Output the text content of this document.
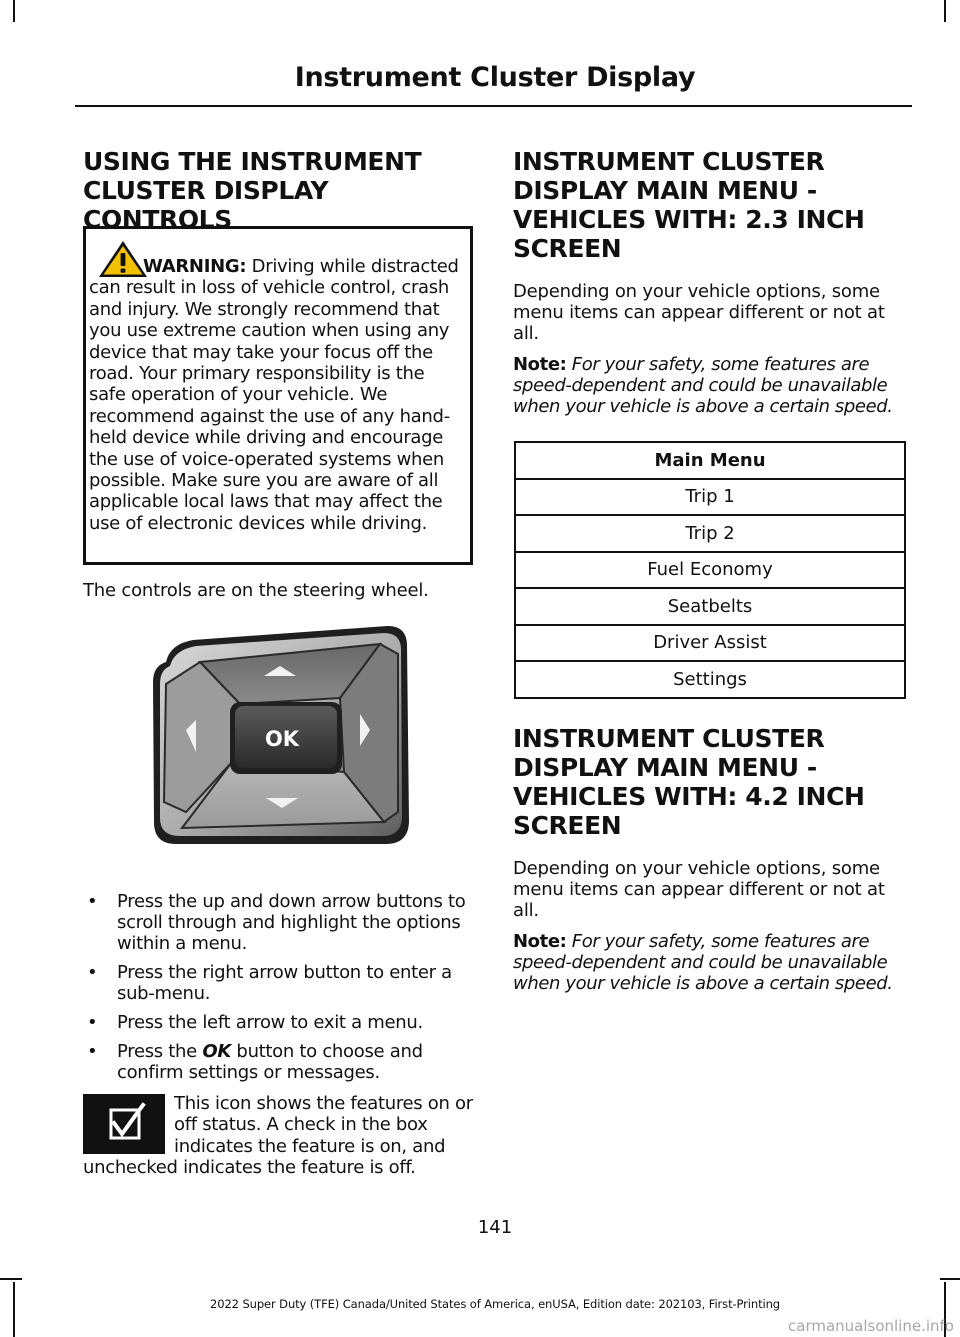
Instrument Cluster Display
USING THE INSTRUMENT
CLUSTER DISPLAY CONTROLS

WARNING: Driving while distracted can result in loss of vehicle control, crash and injury. We strongly recommend that you use extreme caution when using any device that may take your focus off the road. Your primary responsibility is the safe operation of your vehicle. We recommend against the use of any hand-held device while driving and encourage the use of voice-operated systems when possible. Make sure you are aware of all applicable local laws that may affect the use of electronic devices while driving.

The controls are on the steering wheel.

OK
• Press the up and down arrow buttons to scroll through and highlight the options within a menu.
• Press the right arrow button to enter a sub-menu.
• Press the left arrow to exit a menu.
• Press the OK button to choose and confirm settings or messages.

This icon shows the features on or off status. A check in the box indicates the feature is on, and unchecked indicates the feature is off.

INSTRUMENT CLUSTER
DISPLAY MAIN MENU -
VEHICLES WITH: 2.3 INCH
SCREEN

Depending on your vehicle options, some menu items can appear different or not at all.

Note: For your safety, some features are speed-dependent and could be unavailable when your vehicle is above a certain speed.

Main Menu
Trip 1
Trip 2
Fuel Economy
Seatbelts
Driver Assist
Settings
INSTRUMENT CLUSTER
DISPLAY MAIN MENU -
VEHICLES WITH: 4.2 INCH
SCREEN

Depending on your vehicle options, some menu items can appear different or not at all.

Note: For your safety, some features are speed-dependent and could be unavailable when your vehicle is above a certain speed.

141
2022 Super Duty (TFE) Canada/United States of America, enUSA, Edition date: 202103, First-Printing
carmanualsonline.info
